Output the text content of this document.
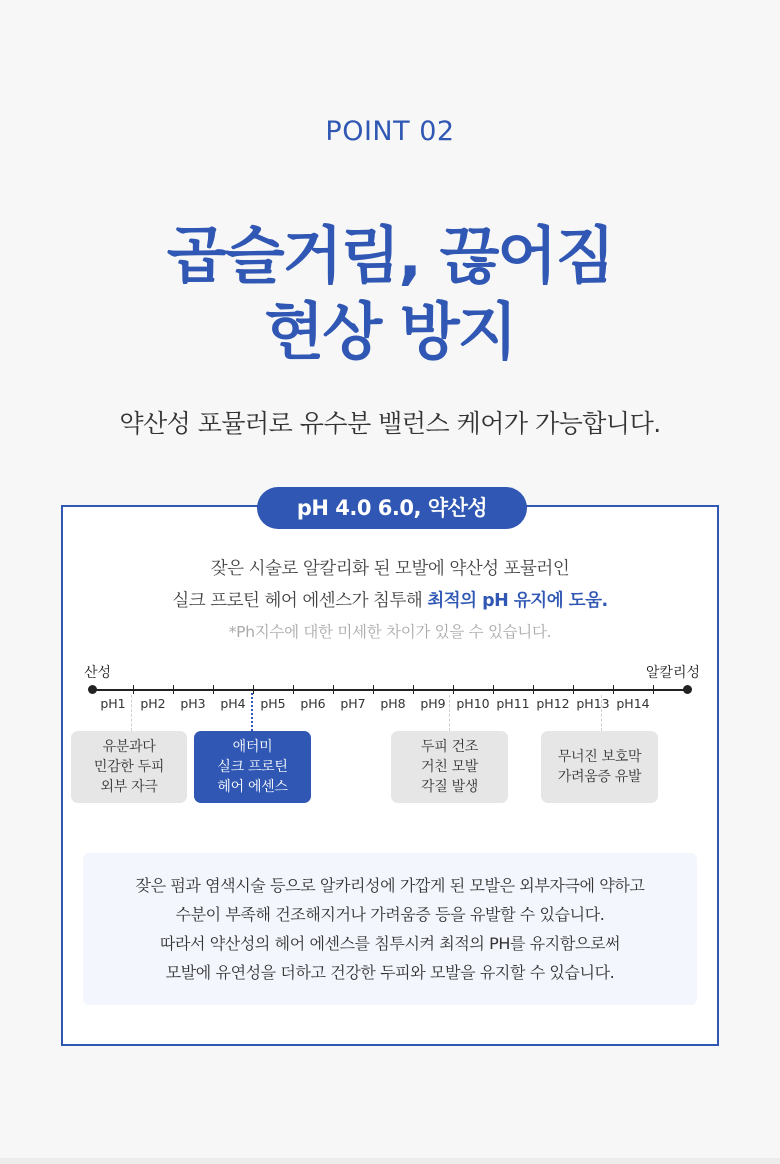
POINT 02
곱슬거림, 끊어짐
현상 방지
약산성 포뮬러로 유수분 밸런스 케어가 가능합니다.
pH 4.0 6.0, 약산성
잦은 시술로 알칼리화 된 모발에 약산성 포뮬러인
실크 프로틴 헤어 에센스가 침투해 최적의 pH 유지에 도움.
*Ph지수에 대한 미세한 차이가 있을 수 있습니다.
산성	알칼리성
pH1	pH2	pH3	pH4	pH5	pH6	pH7	pH8	pH9 pH10 pH11 pH12 pH13 pH14
유분과다
민감한 두피
외부 자극
애터미
실크 프로틴
헤어 에센스
두피 건조
거친 모발
각질 발생
무너진 보호막
가려움증 유발
잦은 펌과 염색시술 등으로 알카리성에 가깝게 된 모발은 외부자극에 약하고
수분이 부족해 건조해지거나 가려움증 등을 유발할 수 있습니다.
따라서 약산성의 헤어 에센스를 침투시켜 최적의 PH를 유지함으로써
모발에 유연성을 더하고 건강한 두피와 모발을 유지할 수 있습니다.
